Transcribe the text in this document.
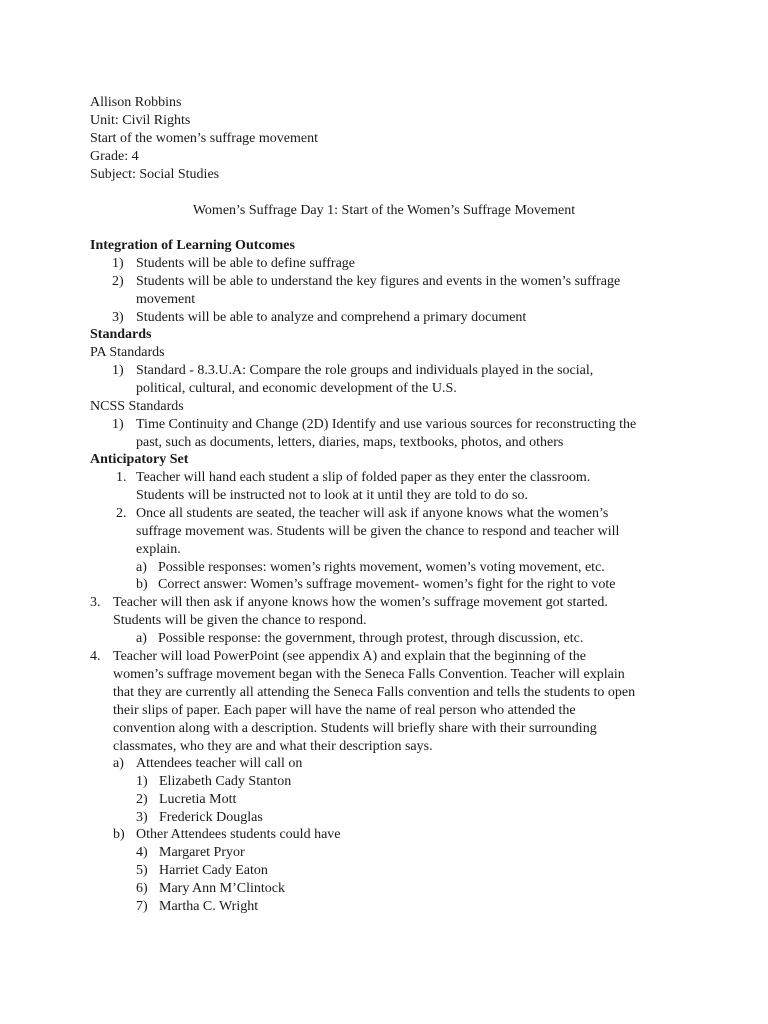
Allison Robbins
Unit: Civil Rights
Start of the women’s suffrage movement
Grade: 4
Subject: Social Studies
Women’s Suffrage Day 1: Start of the Women’s Suffrage Movement
Integration of Learning Outcomes
1) Students will be able to define suffrage
2) Students will be able to understand the key figures and events in the women’s suffrage
movement
3) Students will be able to analyze and comprehend a primary document
Standards
PA Standards
1) Standard - 8.3.U.A: Compare the role groups and individuals played in the social,
political, cultural, and economic development of the U.S.
NCSS Standards
1) Time Continuity and Change (2D) Identify and use various sources for reconstructing the
past, such as documents, letters, diaries, maps, textbooks, photos, and others
Anticipatory Set
1. Teacher will hand each student a slip of folded paper as they enter the classroom.
Students will be instructed not to look at it until they are told to do so.
2. Once all students are seated, the teacher will ask if anyone knows what the women’s
suffrage movement was. Students will be given the chance to respond and teacher will
explain.
a) Possible responses: women’s rights movement, women’s voting movement, etc.
b) Correct answer: Women’s suffrage movement- women’s fight for the right to vote
3. Teacher will then ask if anyone knows how the women’s suffrage movement got started.
Students will be given the chance to respond.
a) Possible response: the government, through protest, through discussion, etc.
4. Teacher will load PowerPoint (see appendix A) and explain that the beginning of the
women’s suffrage movement began with the Seneca Falls Convention. Teacher will explain
that they are currently all attending the Seneca Falls convention and tells the students to open
their slips of paper. Each paper will have the name of real person who attended the
convention along with a description. Students will briefly share with their surrounding
classmates, who they are and what their description says.
a) Attendees teacher will call on
1) Elizabeth Cady Stanton
2) Lucretia Mott
3) Frederick Douglas
b) Other Attendees students could have
4) Margaret Pryor
5) Harriet Cady Eaton
6) Mary Ann M’Clintock
7) Martha C. Wright
